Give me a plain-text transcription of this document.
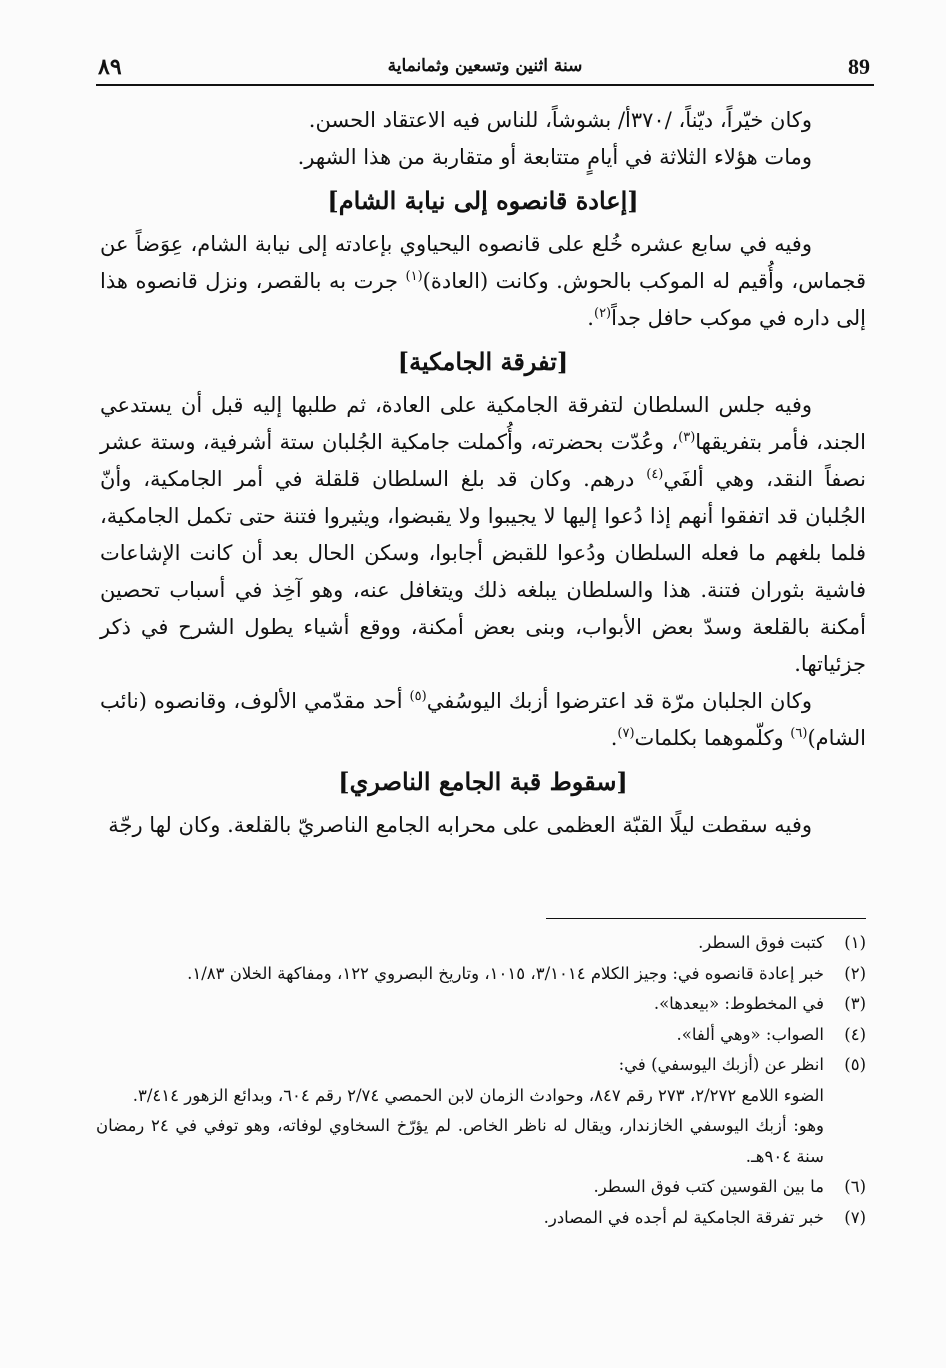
٨٩	سنة اثنين وتسعين وثمانماية	89

وكان خيّراً، ديّناً، /٣٧٠أ/ بشوشاً، للناس فيه الاعتقاد الحسن.

ومات هؤلاء الثلاثة في أيامٍ متتابعة أو متقاربة من هذا الشهر.

[إعادة قانصوه إلى نيابة الشام]

وفيه في سابع عشره خُلع على قانصوه اليحياوي بإعادته إلى نيابة الشام، عِوَضاً عن قجماس، وأُقيم له الموكب بالحوش. وكانت (العادة)$^{(١)}$ جرت به بالقصر، ونزل قانصوه هذا إلى داره في موكب حافل جداً$^{(٢)}$.

[تفرقة الجامكية]

وفيه جلس السلطان لتفرقة الجامكية على العادة، ثم طلبها إليه قبل أن يستدعي الجند، فأمر بتفريقها$^{(٣)}$، وعُدّت بحضرته، وأُكملت جامكية الجُلبان ستة أشرفية، وستة عشر نصفاً النقد، وهي ألفَي$^{(٤)}$ درهم. وكان قد بلغ السلطان قلقلة في أمر الجامكية، وأنّ الجُلبان قد اتفقوا أنهم إذا دُعوا إليها لا يجيبوا ولا يقبضوا، ويثيروا فتنة حتى تكمل الجامكية، فلما بلغهم ما فعله السلطان ودُعوا للقبض أجابوا، وسكن الحال بعد أن كانت الإشاعات فاشية بثوران فتنة. هذا والسلطان يبلغه ذلك ويتغافل عنه، وهو آخِذ في أسباب تحصين أمكنة بالقلعة وسدّ بعض الأبواب، وبنى بعض أمكنة، ووقع أشياء يطول الشرح في ذكر جزئياتها.

وكان الجلبان مرّة قد اعترضوا أزبك اليوسُفي$^{(٥)}$ أحد مقدّمي الألوف، وقانصوه (نائب الشام)$^{(٦)}$ وكلّموهما بكلمات$^{(٧)}$.

[سقوط قبة الجامع الناصري]

وفيه سقطت ليلًا القبّة العظمى على محرابه الجامع الناصريّ بالقلعة. وكان لها رجّة

(١)
كتبت فوق السطر.
(٢)
خبر إعادة قانصوه في: وجيز الكلام ٣/١٠١٤، ١٠١٥، وتاريخ البصروي ١٢٢، ومفاكهة الخلان ١/٨٣.
(٣)
في المخطوط: «بيعدها».
(٤)
الصواب: «وهي ألفا».
(٥)
انظر عن (أزبك اليوسفي) في:
الضوء اللامع ٢/٢٧٢، ٢٧٣ رقم ٨٤٧، وحوادث الزمان لابن الحمصي ٢/٧٤ رقم ٦٠٤، وبدائع الزهور ٣/٤١٤.
وهو: أزبك اليوسفي الخازندار، ويقال له ناظر الخاص. لم يؤرّخ السخاوي لوفاته، وهو توفي في ٢٤ رمضان سنة ٩٠٤هـ.
(٦)
ما بين القوسين كتب فوق السطر.
(٧)
خبر تفرقة الجامكية لم أجده في المصادر.
